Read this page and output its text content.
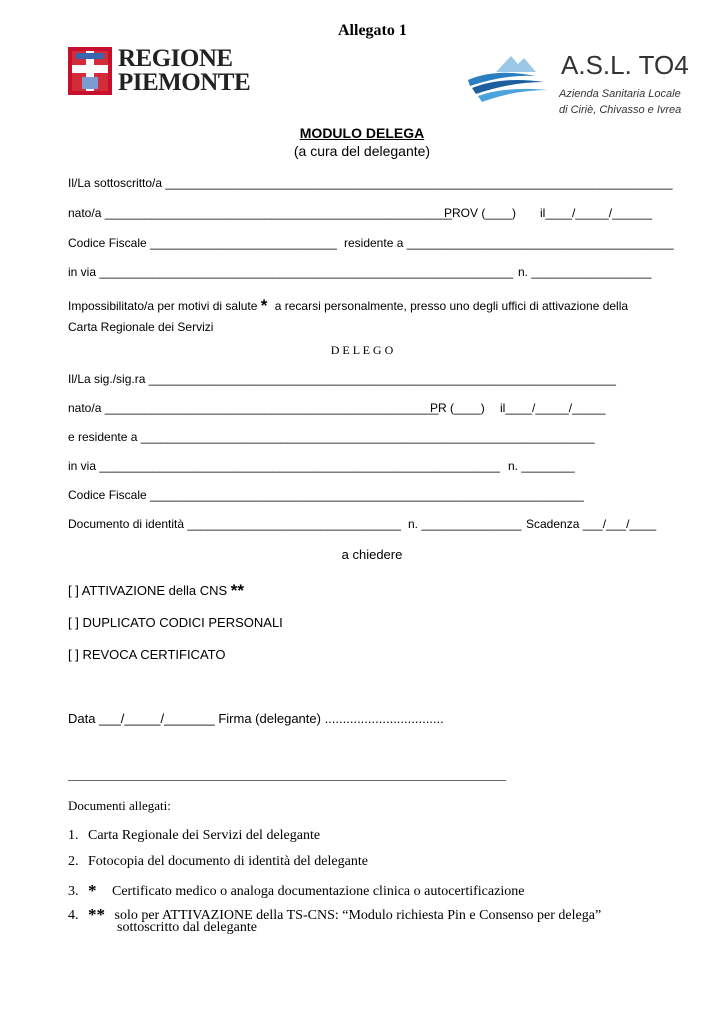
Allegato 1
REGIONE
PIEMONTE
A.S.L. TO4
Azienda Sanitaria Locale
di Ciriè, Chivasso e Ivrea
MODULO DELEGA
(a cura del delegante)
Il/La sottoscritto/a ____________________________________________________________________________
nato/a ____________________________________________________
PROV (____) il____/_____/______
Codice Fiscale ____________________________ residente a ________________________________________
in via ______________________________________________________________ n. __________________
Impossibilitato/a per motivi di salute * a recarsi personalmente, presso uno degli uffici di attivazione della
Carta Regionale dei Servizi
D E L E G O
Il/La sig./sig.ra ______________________________________________________________________
nato/a __________________________________________________
PR (____) il____/_____/_____
e residente a ____________________________________________________________________
in via ____________________________________________________________ n. ________
Codice Fiscale _________________________________________________________________
Documento di identità ________________________________ n. _______________ Scadenza ___/___/____
a chiedere
[ ] ATTIVAZIONE della CNS **
[ ] DUPLICATO CODICI PERSONALI
[ ] REVOCA CERTIFICATO
Data ___/_____/_______ Firma (delegante) .................................
_________________________________________________________________________
Documenti allegati:
1. Carta Regionale dei Servizi del delegante
2. Fotocopia del documento di identità del delegante
3. * Certificato medico o analoga documentazione clinica o autocertificazione
4. ** solo per ATTIVAZIONE della TS-CNS: “Modulo richiesta Pin e Consenso per delega”
sottoscritto dal delegante
